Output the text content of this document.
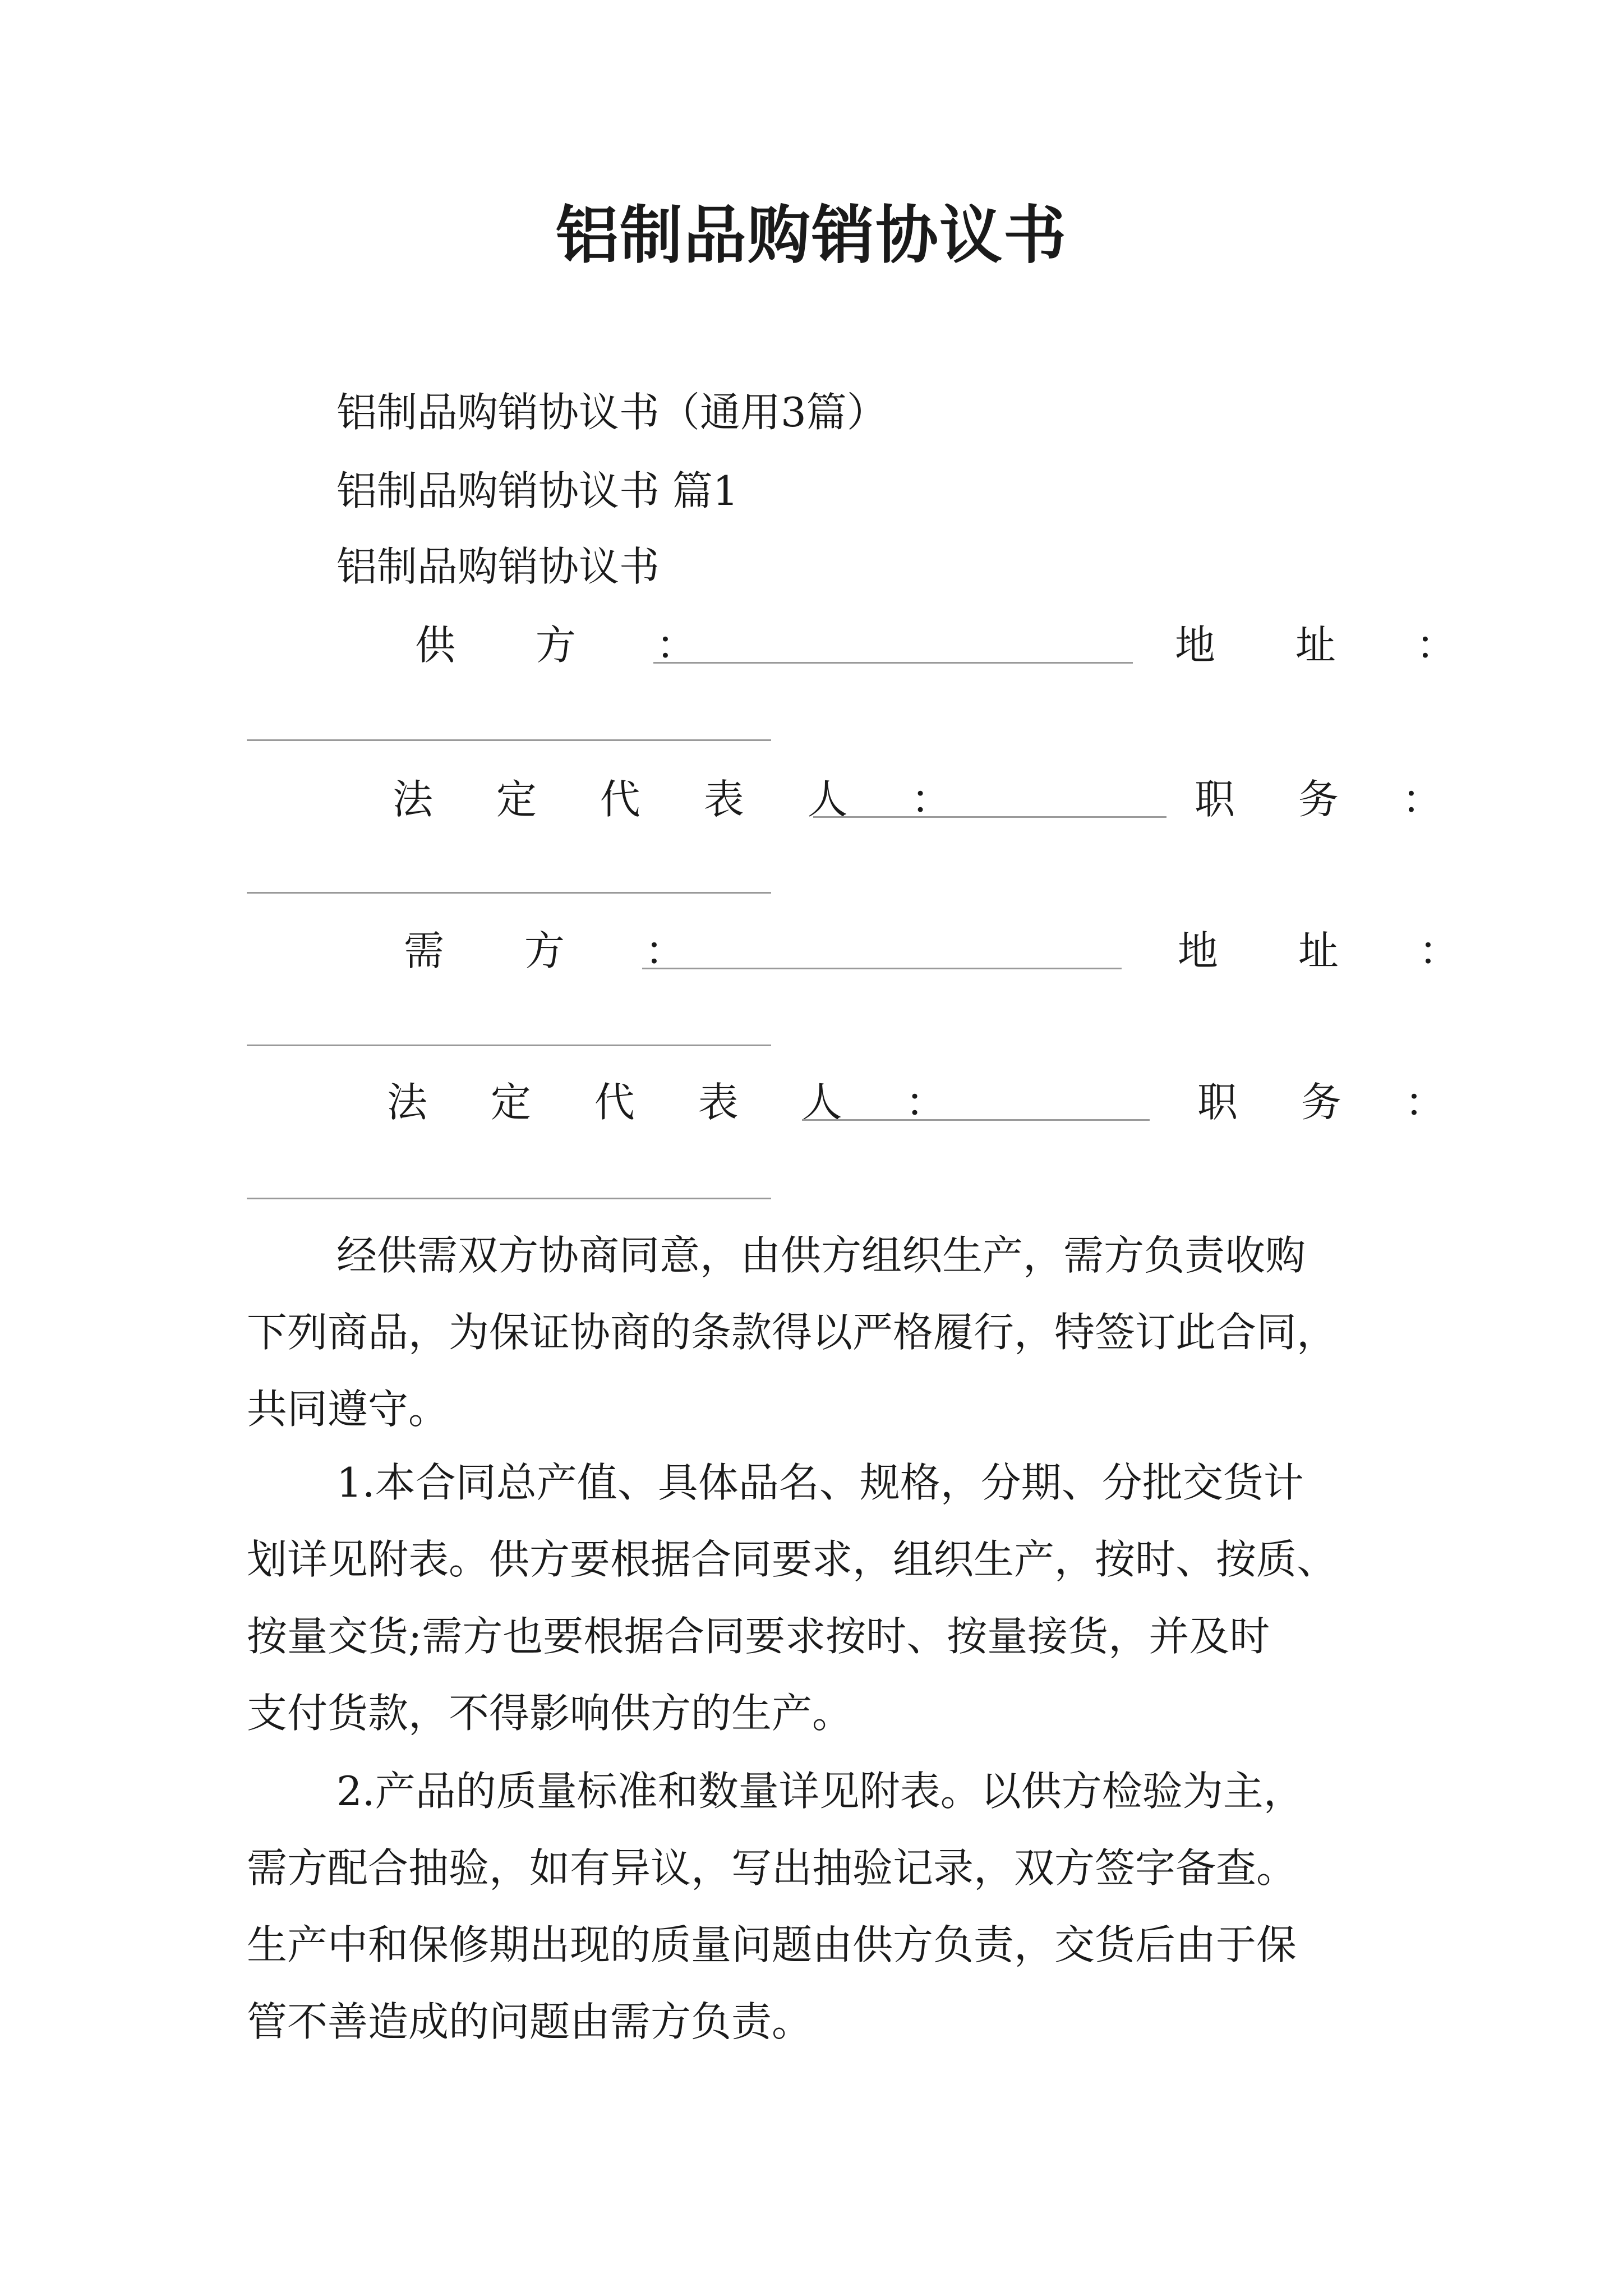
铝制品购销协议书
铝制品购销协议书（通用3篇）
铝制品购销协议书 篇1
铝制品购销协议书
供 方 ：	地 址 ：
法 定 代 表 人 ：	职 务 ：
需 方 ：	地 址 ：
法 定 代 表 人 ：	职 务 ：
经供需双方协商同意，由供方组织生产，需方负责收购
下列商品，为保证协商的条款得以严格履行，特签订此合同，
共同遵守。
1.本合同总产值、具体品名、规格，分期、分批交货计
划详见附表。供方要根据合同要求，组织生产，按时、按质、
按量交货;需方也要根据合同要求按时、按量接货，并及时
支付货款，不得影响供方的生产。
2.产品的质量标准和数量详见附表。以供方检验为主，
需方配合抽验，如有异议，写出抽验记录，双方签字备查。
生产中和保修期出现的质量问题由供方负责，交货后由于保
管不善造成的问题由需方负责。
